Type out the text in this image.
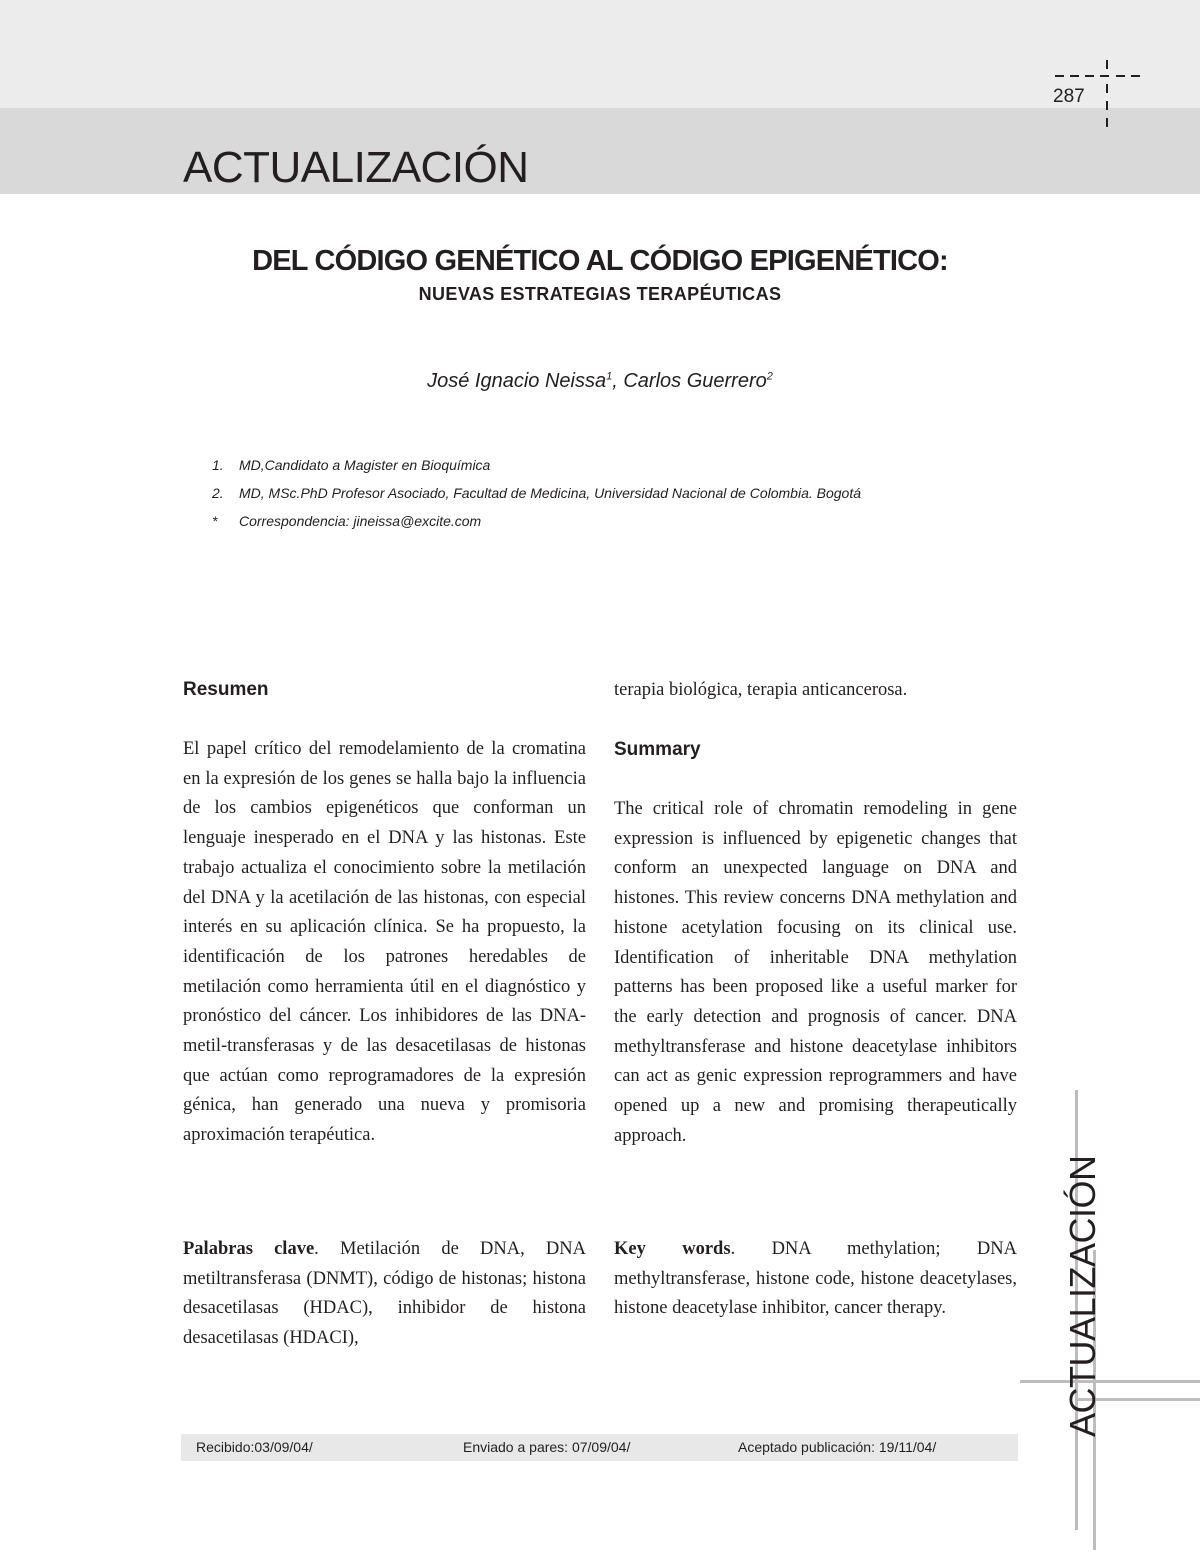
ACTUALIZACIÓN
287
DEL CÓDIGO GENÉTICO AL CÓDIGO EPIGENÉTICO:
NUEVAS ESTRATEGIAS TERAPÉUTICAS
José Ignacio Neissa$^1$, Carlos Guerrero$^2$
1. MD,Candidato a Magister en Bioquímica
2. MD, MSc.PhD Profesor Asociado, Facultad de Medicina, Universidad Nacional de Colombia. Bogotá
* Correspondencia: jineissa@excite.com
Resumen

El papel crítico del remodelamiento de la cromatina en la expresión de los genes se halla bajo la influencia de los cambios epigenéticos que conforman un lenguaje inesperado en el DNA y las histonas. Este trabajo actualiza el conocimiento sobre la metilación del DNA y la acetilación de las histonas, con especial interés en su aplicación clínica. Se ha propuesto, la identificación de los patrones heredables de metilación como herramienta útil en el diagnóstico y pronóstico del cáncer. Los inhibidores de las DNA-metil-transferasas y de las desacetilasas de histonas que actúan como reprogramadores de la expresión génica, han generado una nueva y promisoria aproximación terapéutica.

Palabras clave. Metilación de DNA, DNA metiltransferasa (DNMT), código de histonas; histona desacetilasas (HDAC), inhibidor de histona desacetilasas (HDACI),

terapia biológica, terapia anticancerosa.

Summary

The critical role of chromatin remodeling in gene expression is influenced by epigenetic changes that conform an unexpected language on DNA and histones. This review concerns DNA methylation and histone acetylation focusing on its clinical use. Identification of inheritable DNA methylation patterns has been proposed like a useful marker for the early detection and prognosis of cancer. DNA methyltransferase and histone deacetylase inhibitors can act as genic expression reprogrammers and have opened up a new and promising therapeutically approach.

Key words. DNA methylation; DNA methyltransferase, histone code, histone deacetylases, histone deacetylase inhibitor, cancer therapy.

Recibido:03/09/04/	Enviado a pares: 07/09/04/	Aceptado publicación: 19/11/04/
ACTUALIZACIÓN
